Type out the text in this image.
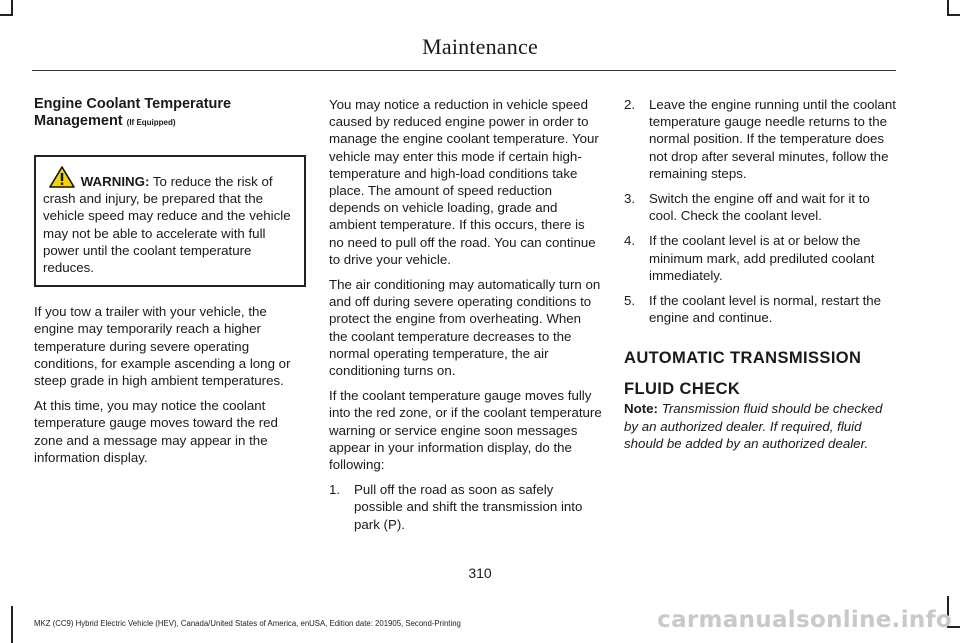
Maintenance
Engine Coolant Temperature Management (If Equipped)
WARNING: To reduce the risk of crash and injury, be prepared that the vehicle speed may reduce and the vehicle may not be able to accelerate with full power until the coolant temperature reduces.

If you tow a trailer with your vehicle, the engine may temporarily reach a higher temperature during severe operating conditions, for example ascending a long or steep grade in high ambient temperatures.

At this time, you may notice the coolant temperature gauge moves toward the red zone and a message may appear in the information display.

You may notice a reduction in vehicle speed caused by reduced engine power in order to manage the engine coolant temperature. Your vehicle may enter this mode if certain high-temperature and high-load conditions take place. The amount of speed reduction depends on vehicle loading, grade and ambient temperature. If this occurs, there is no need to pull off the road. You can continue to drive your vehicle.

The air conditioning may automatically turn on and off during severe operating conditions to protect the engine from overheating. When the coolant temperature decreases to the normal operating temperature, the air conditioning turns on.

If the coolant temperature gauge moves fully into the red zone, or if the coolant temperature warning or service engine soon messages appear in your information display, do the following:

1.	Pull off the road as soon as safely possible and shift the transmission into park (P).
2.	Leave the engine running until the coolant temperature gauge needle returns to the normal position. If the temperature does not drop after several minutes, follow the remaining steps.
3.	Switch the engine off and wait for it to cool. Check the coolant level.
4.	If the coolant level is at or below the minimum mark, add prediluted coolant immediately.
5.	If the coolant level is normal, restart the engine and continue.
AUTOMATIC TRANSMISSION
FLUID CHECK

Note: Transmission fluid should be checked by an authorized dealer. If required, fluid should be added by an authorized dealer.

310
MKZ (CC9) Hybrid Electric Vehicle (HEV), Canada/United States of America, enUSA, Edition date: 201905, Second-Printing	carmanualsonline.info
